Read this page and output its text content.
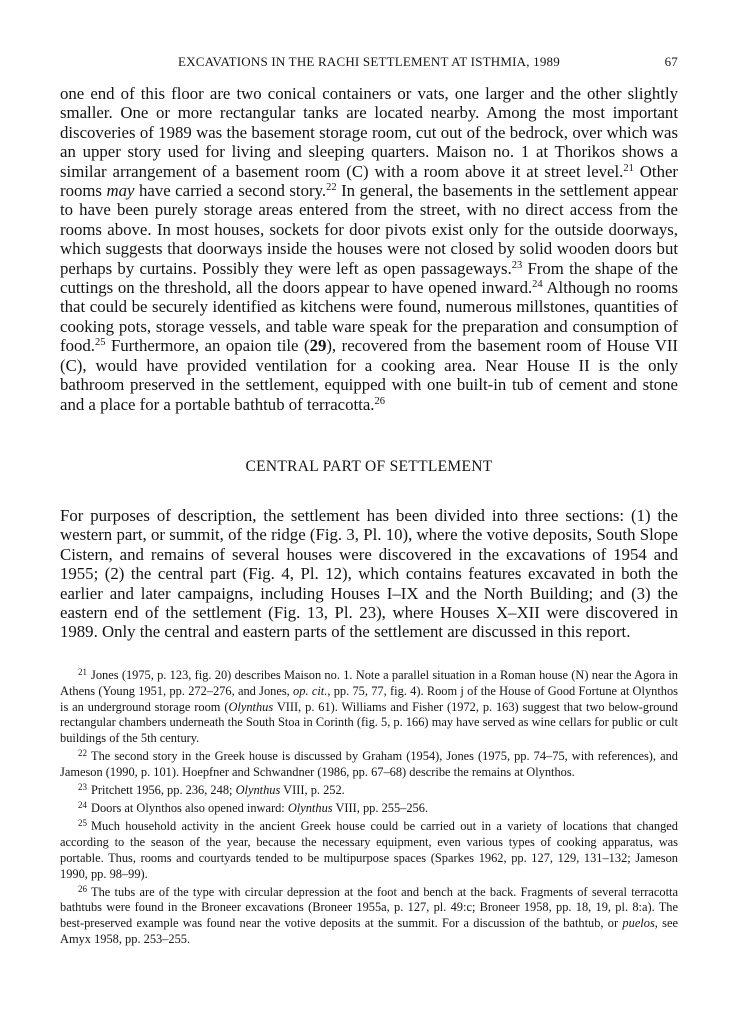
EXCAVATIONS IN THE RACHI SETTLEMENT AT ISTHMIA, 1989	67

one end of this floor are two conical containers or vats, one larger and the other slightly smaller. One or more rectangular tanks are located nearby. Among the most important discoveries of 1989 was the basement storage room, cut out of the bedrock, over which was an upper story used for living and sleeping quarters. Maison no. 1 at Thorikos shows a similar arrangement of a basement room (C) with a room above it at street level.$^{21}$ Other rooms may have carried a second story.$^{22}$ In general, the basements in the settlement appear to have been purely storage areas entered from the street, with no direct access from the rooms above. In most houses, sockets for door pivots exist only for the outside doorways, which suggests that doorways inside the houses were not closed by solid wooden doors but perhaps by curtains. Possibly they were left as open passageways.$^{23}$ From the shape of the cuttings on the threshold, all the doors appear to have opened inward.$^{24}$ Although no rooms that could be securely identified as kitchens were found, numerous millstones, quantities of cooking pots, storage vessels, and table ware speak for the preparation and consumption of food.$^{25}$ Furthermore, an opaion tile (29), recovered from the basement room of House VII (C), would have provided ventilation for a cooking area. Near House II is the only bathroom preserved in the settlement, equipped with one built-in tub of cement and stone and a place for a portable bathtub of terracotta.$^{26}$

CENTRAL PART OF SETTLEMENT

For purposes of description, the settlement has been divided into three sections: (1) the western part, or summit, of the ridge (Fig. 3, Pl. 10), where the votive deposits, South Slope Cistern, and remains of several houses were discovered in the excavations of 1954 and 1955; (2) the central part (Fig. 4, Pl. 12), which contains features excavated in both the earlier and later campaigns, including Houses I–IX and the North Building; and (3) the eastern end of the settlement (Fig. 13, Pl. 23), where Houses X–XII were discovered in 1989. Only the central and eastern parts of the settlement are discussed in this report.

$^{21}$ Jones (1975, p. 123, fig. 20) describes Maison no. 1. Note a parallel situation in a Roman house (N) near the Agora in Athens (Young 1951, pp. 272–276, and Jones, op. cit., pp. 75, 77, fig. 4). Room j of the House of Good Fortune at Olynthos is an underground storage room (Olynthus VIII, p. 61). Williams and Fisher (1972, p. 163) suggest that two below-ground rectangular chambers underneath the South Stoa in Corinth (fig. 5, p. 166) may have served as wine cellars for public or cult buildings of the 5th century.

$^{22}$ The second story in the Greek house is discussed by Graham (1954), Jones (1975, pp. 74–75, with references), and Jameson (1990, p. 101). Hoepfner and Schwandner (1986, pp. 67–68) describe the remains at Olynthos.

$^{23}$ Pritchett 1956, pp. 236, 248; Olynthus VIII, p. 252.

$^{24}$ Doors at Olynthos also opened inward: Olynthus VIII, pp. 255–256.

$^{25}$ Much household activity in the ancient Greek house could be carried out in a variety of locations that changed according to the season of the year, because the necessary equipment, even various types of cooking apparatus, was portable. Thus, rooms and courtyards tended to be multipurpose spaces (Sparkes 1962, pp. 127, 129, 131–132; Jameson 1990, pp. 98–99).

$^{26}$ The tubs are of the type with circular depression at the foot and bench at the back. Fragments of several terracotta bathtubs were found in the Broneer excavations (Broneer 1955a, p. 127, pl. 49:c; Broneer 1958, pp. 18, 19, pl. 8:a). The best-preserved example was found near the votive deposits at the summit. For a discussion of the bathtub, or puelos, see Amyx 1958, pp. 253–255.
